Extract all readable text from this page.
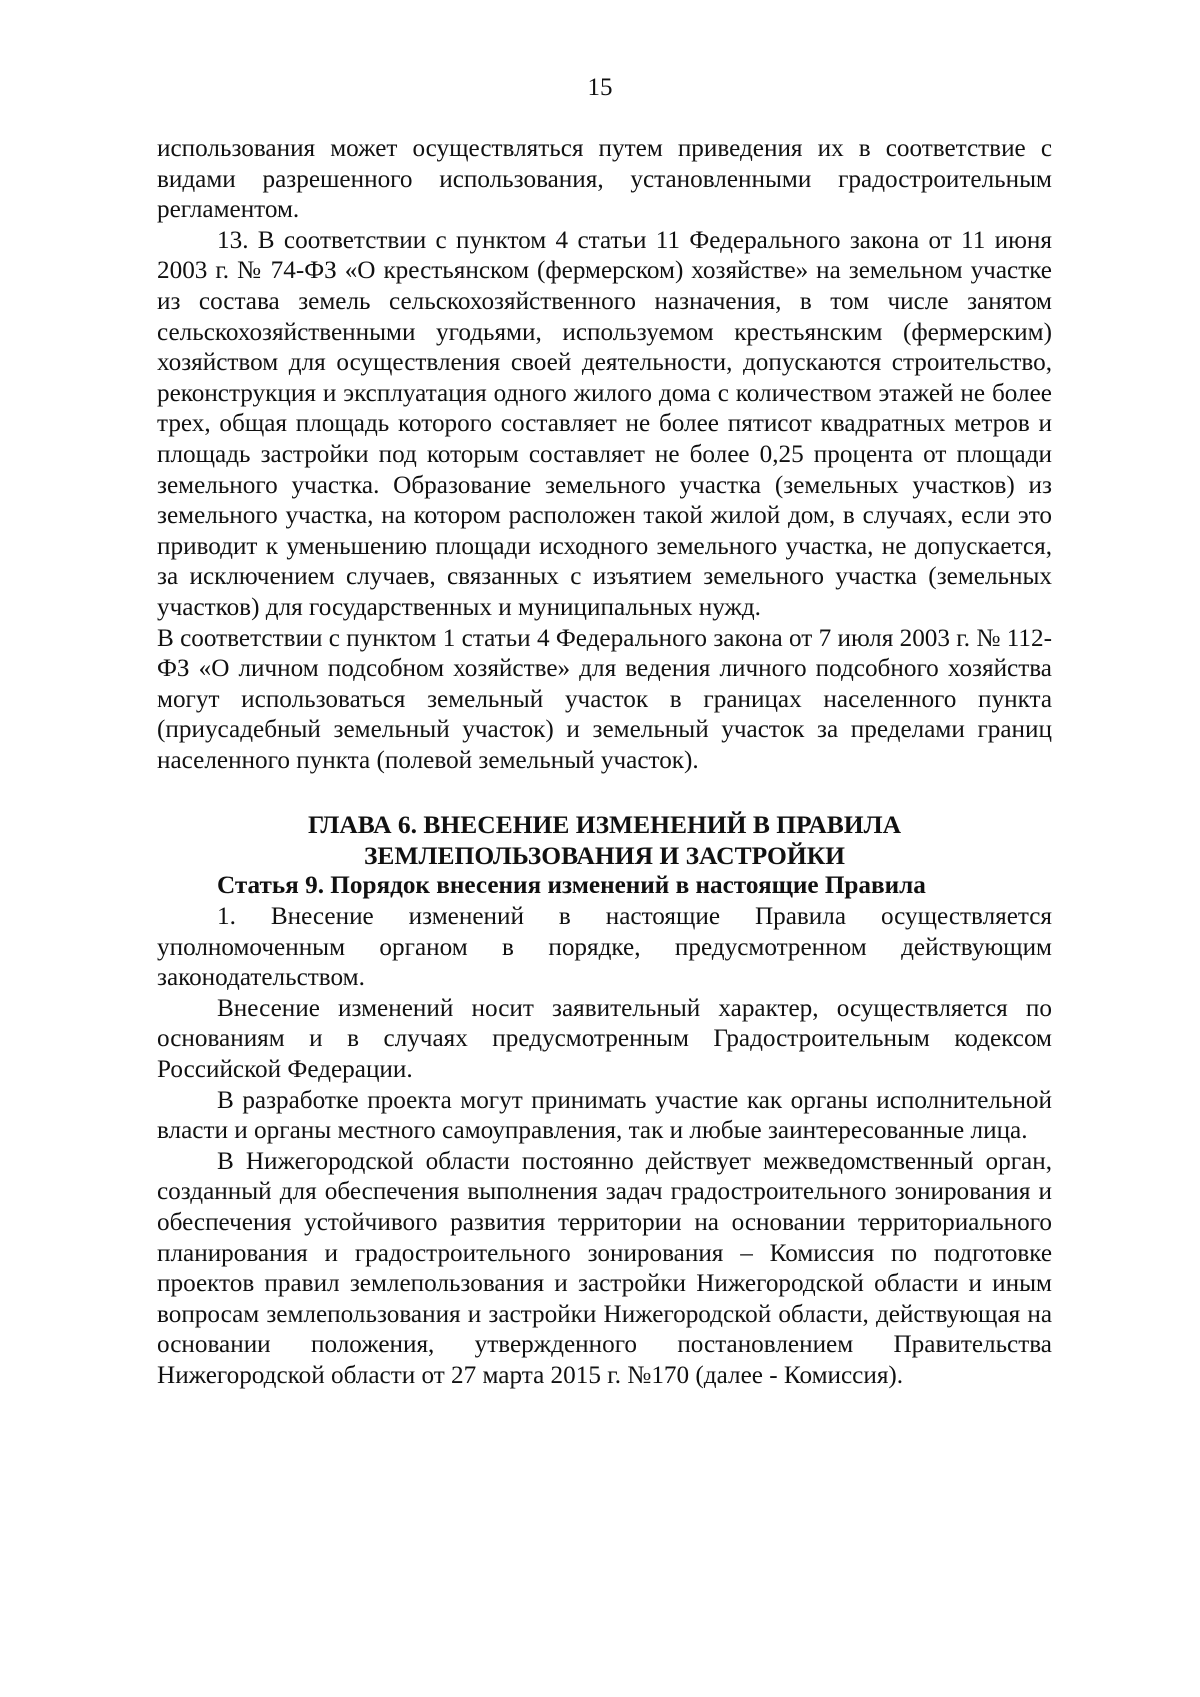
15

использования может осуществляться путем приведения их в соответствие с видами разрешенного использования, установленными градостроительным регламентом.

13. В соответствии с пунктом 4 статьи 11 Федерального закона от 11 июня 2003 г. № 74-ФЗ «О крестьянском (фермерском) хозяйстве» на земельном участке из состава земель сельскохозяйственного назначения, в том числе занятом сельскохозяйственными угодьями, используемом крестьянским (фермерским) хозяйством для осуществления своей деятельности, допускаются строительство, реконструкция и эксплуатация одного жилого дома с количеством этажей не более трех, общая площадь которого составляет не более пятисот квадратных метров и площадь застройки под которым составляет не более 0,25 процента от площади земельного участка. Образование земельного участка (земельных участков) из земельного участка, на котором расположен такой жилой дом, в случаях, если это приводит к уменьшению площади исходного земельного участка, не допускается, за исключением случаев, связанных с изъятием земельного участка (земельных участков) для государственных и муниципальных нужд.

В соответствии с пунктом 1 статьи 4 Федерального закона от 7 июля 2003 г. № 112-ФЗ «О личном подсобном хозяйстве» для ведения личного подсобного хозяйства могут использоваться земельный участок в границах населенного пункта (приусадебный земельный участок) и земельный участок за пределами границ населенного пункта (полевой земельный участок).

ГЛАВА 6. ВНЕСЕНИЕ ИЗМЕНЕНИЙ В ПРАВИЛА
ЗЕМЛЕПОЛЬЗОВАНИЯ И ЗАСТРОЙКИ

Статья 9. Порядок внесения изменений в настоящие Правила

1. Внесение изменений в настоящие Правила осуществляется уполномоченным органом в порядке, предусмотренном действующим законодательством.

Внесение изменений носит заявительный характер, осуществляется по основаниям и в случаях предусмотренным Градостроительным кодексом Российской Федерации.

В разработке проекта могут принимать участие как органы исполнительной власти и органы местного самоуправления, так и любые заинтересованные лица.

В Нижегородской области постоянно действует межведомственный орган, созданный для обеспечения выполнения задач градостроительного зонирования и обеспечения устойчивого развития территории на основании территориального планирования и градостроительного зонирования – Комиссия по подготовке проектов правил землепользования и застройки Нижегородской области и иным вопросам землепользования и застройки Нижегородской области, действующая на основании положения, утвержденного постановлением Правительства Нижегородской области от 27 марта 2015 г. №170 (далее - Комиссия).
